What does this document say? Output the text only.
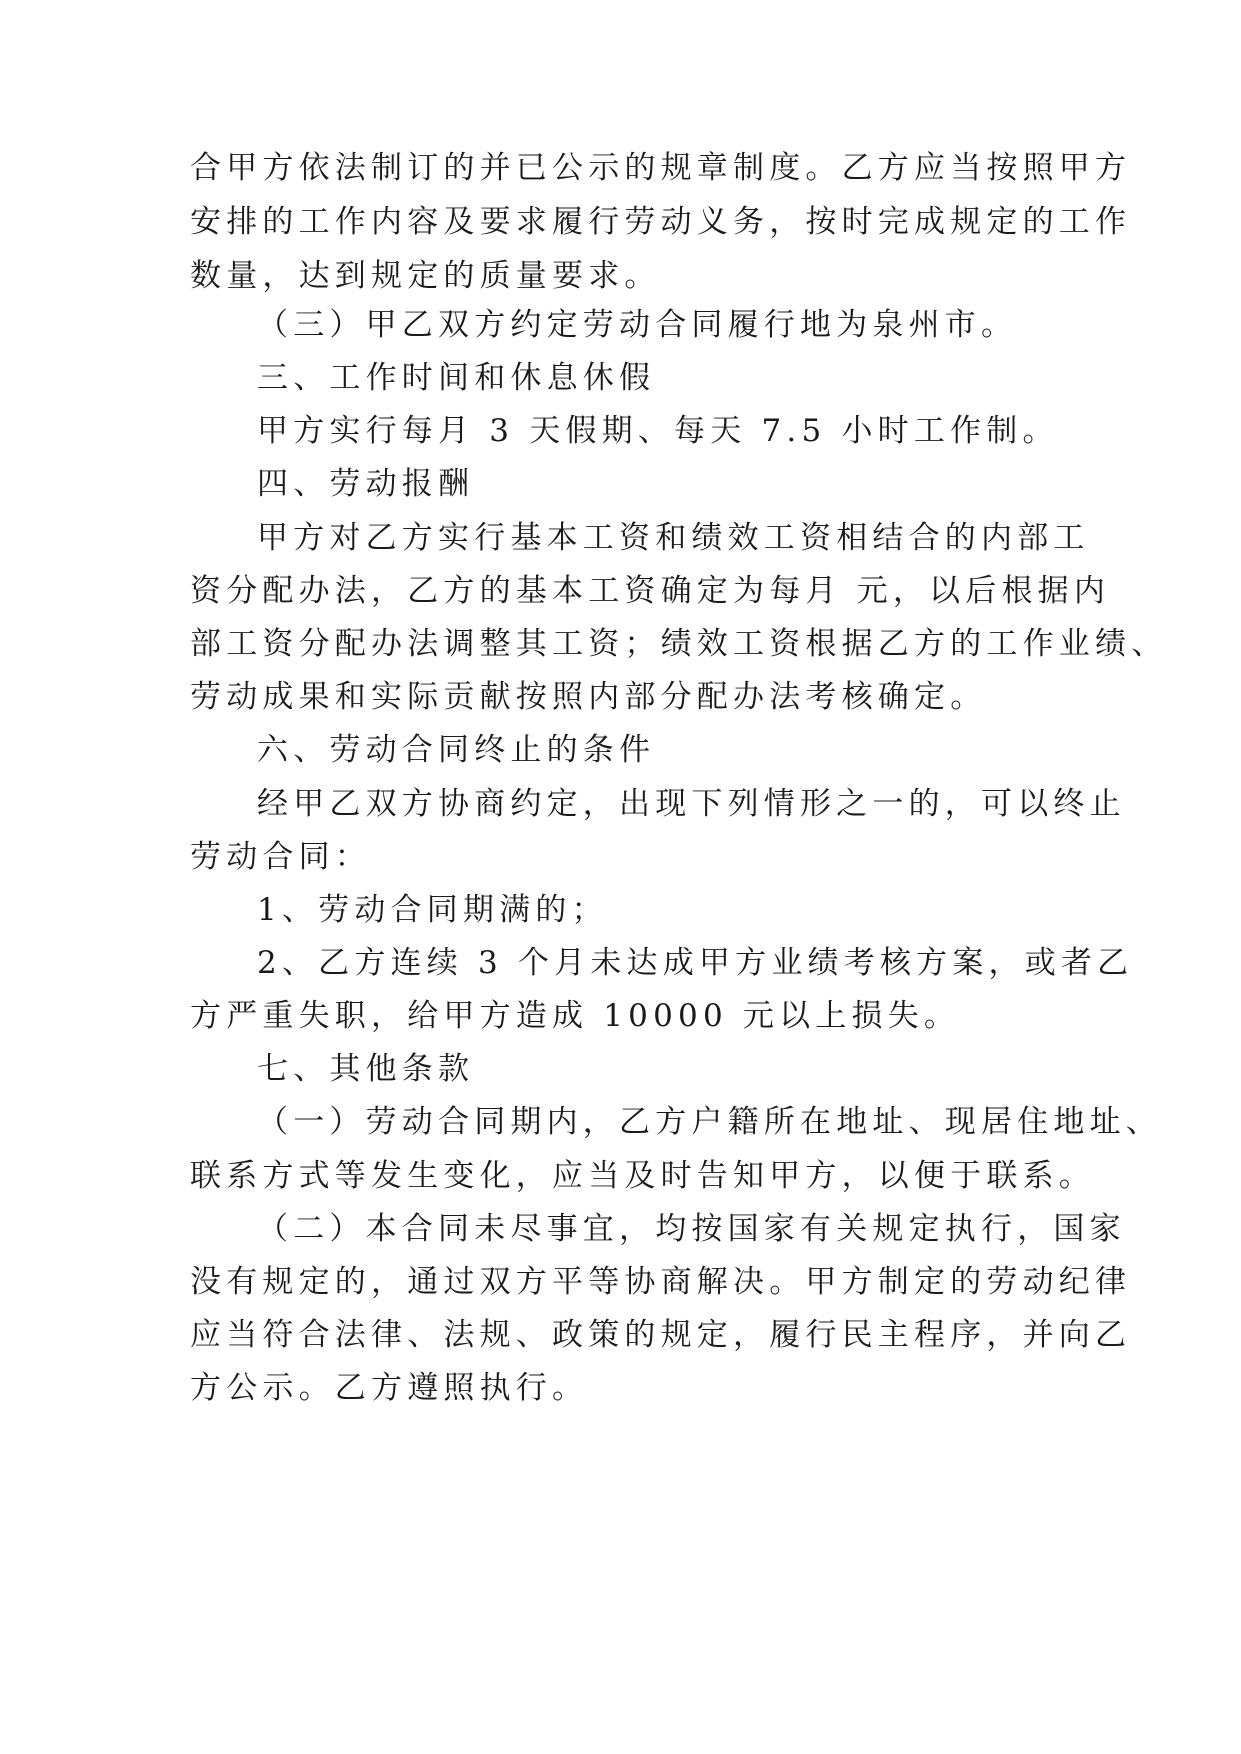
合甲方依法制订的并已公示的规章制度。乙方应当按照甲方
安排的工作内容及要求履行劳动义务，按时完成规定的工作
数量，达到规定的质量要求。
（三）甲乙双方约定劳动合同履行地为泉州市。
三、工作时间和休息休假
甲方实行每月 3 天假期、每天 7.5 小时工作制。
四、劳动报酬
甲方对乙方实行基本工资和绩效工资相结合的内部工
资分配办法，乙方的基本工资确定为每月 元，以后根据内
部工资分配办法调整其工资；绩效工资根据乙方的工作业绩、
劳动成果和实际贡献按照内部分配办法考核确定。
六、劳动合同终止的条件
经甲乙双方协商约定，出现下列情形之一的，可以终止
劳动合同：
1、劳动合同期满的；
2、乙方连续 3 个月未达成甲方业绩考核方案，或者乙
方严重失职，给甲方造成 10000 元以上损失。
七、其他条款
（一）劳动合同期内，乙方户籍所在地址、现居住地址、
联系方式等发生变化，应当及时告知甲方，以便于联系。
（二）本合同未尽事宜，均按国家有关规定执行，国家
没有规定的，通过双方平等协商解决。甲方制定的劳动纪律
应当符合法律、法规、政策的规定，履行民主程序，并向乙
方公示。乙方遵照执行。
